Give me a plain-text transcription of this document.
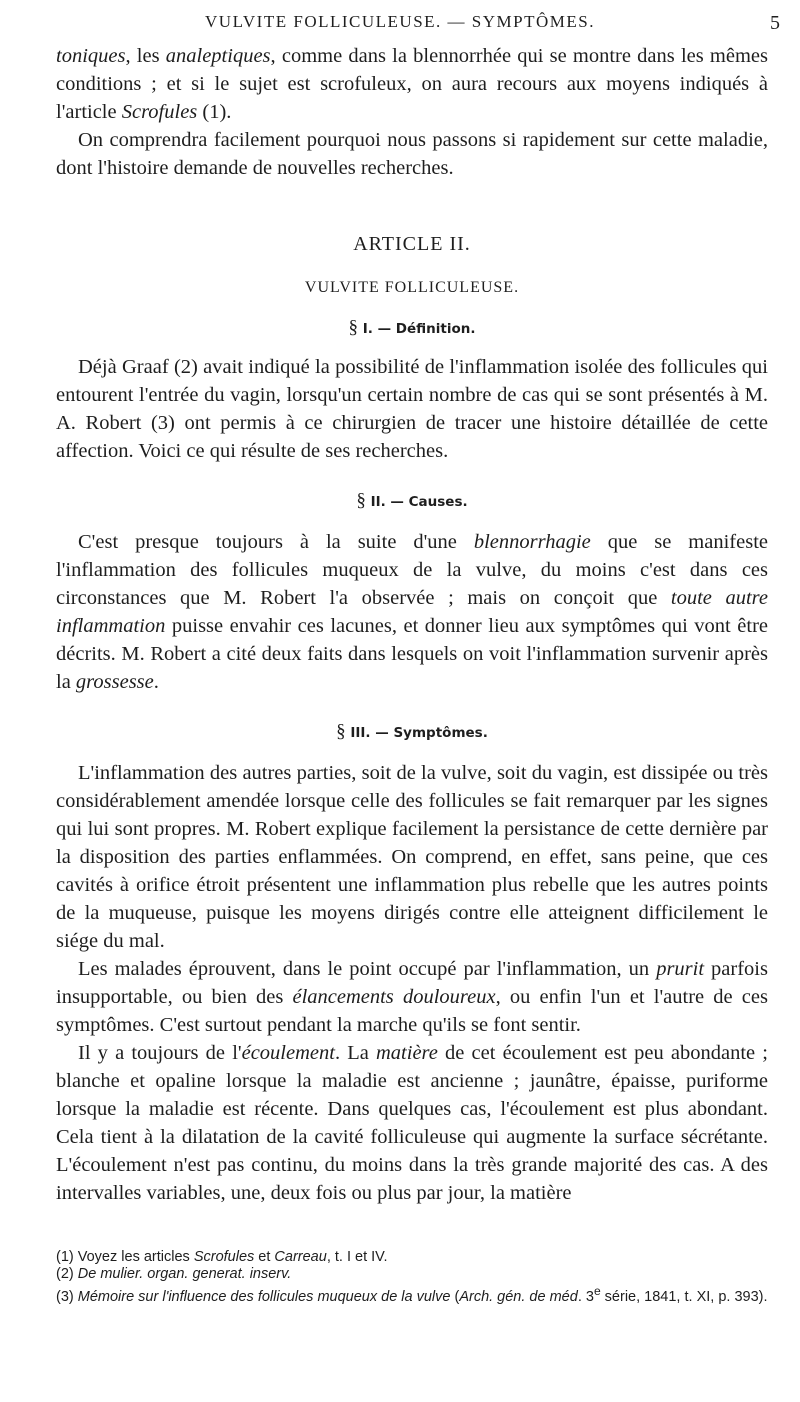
VULVITE FOLLICULEUSE. — SYMPTÔMES.	5

toniques, les analeptiques, comme dans la blennorrhée qui se montre dans les mêmes conditions ; et si le sujet est scrofuleux, on aura recours aux moyens indiqués à l'article Scrofules (1).

On comprendra facilement pourquoi nous passons si rapidement sur cette maladie, dont l'histoire demande de nouvelles recherches.

ARTICLE II.
VULVITE FOLLICULEUSE.
§ I. — Définition.

Déjà Graaf (2) avait indiqué la possibilité de l'inflammation isolée des follicules qui entourent l'entrée du vagin, lorsqu'un certain nombre de cas qui se sont présentés à M. A. Robert (3) ont permis à ce chirurgien de tracer une histoire détaillée de cette affection. Voici ce qui résulte de ses recherches.

§ II. — Causes.

C'est presque toujours à la suite d'une blennorrhagie que se manifeste l'inflammation des follicules muqueux de la vulve, du moins c'est dans ces circonstances que M. Robert l'a observée ; mais on conçoit que toute autre inflammation puisse envahir ces lacunes, et donner lieu aux symptômes qui vont être décrits. M. Robert a cité deux faits dans lesquels on voit l'inflammation survenir après la grossesse.

§ III. — Symptômes.

L'inflammation des autres parties, soit de la vulve, soit du vagin, est dissipée ou très considérablement amendée lorsque celle des follicules se fait remarquer par les signes qui lui sont propres. M. Robert explique facilement la persistance de cette dernière par la disposition des parties enflammées. On comprend, en effet, sans peine, que ces cavités à orifice étroit présentent une inflammation plus rebelle que les autres points de la muqueuse, puisque les moyens dirigés contre elle atteignent difficilement le siége du mal.

Les malades éprouvent, dans le point occupé par l'inflammation, un prurit parfois insupportable, ou bien des élancements douloureux, ou enfin l'un et l'autre de ces symptômes. C'est surtout pendant la marche qu'ils se font sentir.

Il y a toujours de l'écoulement. La matière de cet écoulement est peu abondante ; blanche et opaline lorsque la maladie est ancienne ; jaunâtre, épaisse, puriforme lorsque la maladie est récente. Dans quelques cas, l'écoulement est plus abondant. Cela tient à la dilatation de la cavité folliculeuse qui augmente la surface sécrétante. L'écoulement n'est pas continu, du moins dans la très grande majorité des cas. A des intervalles variables, une, deux fois ou plus par jour, la matière

(1) Voyez les articles Scrofules et Carreau, t. I et IV.
(2) De mulier. organ. generat. inserv.
(3) Mémoire sur l'influence des follicules muqueux de la vulve (Arch. gén. de méd. 3e série, 1841, t. XI, p. 393).
